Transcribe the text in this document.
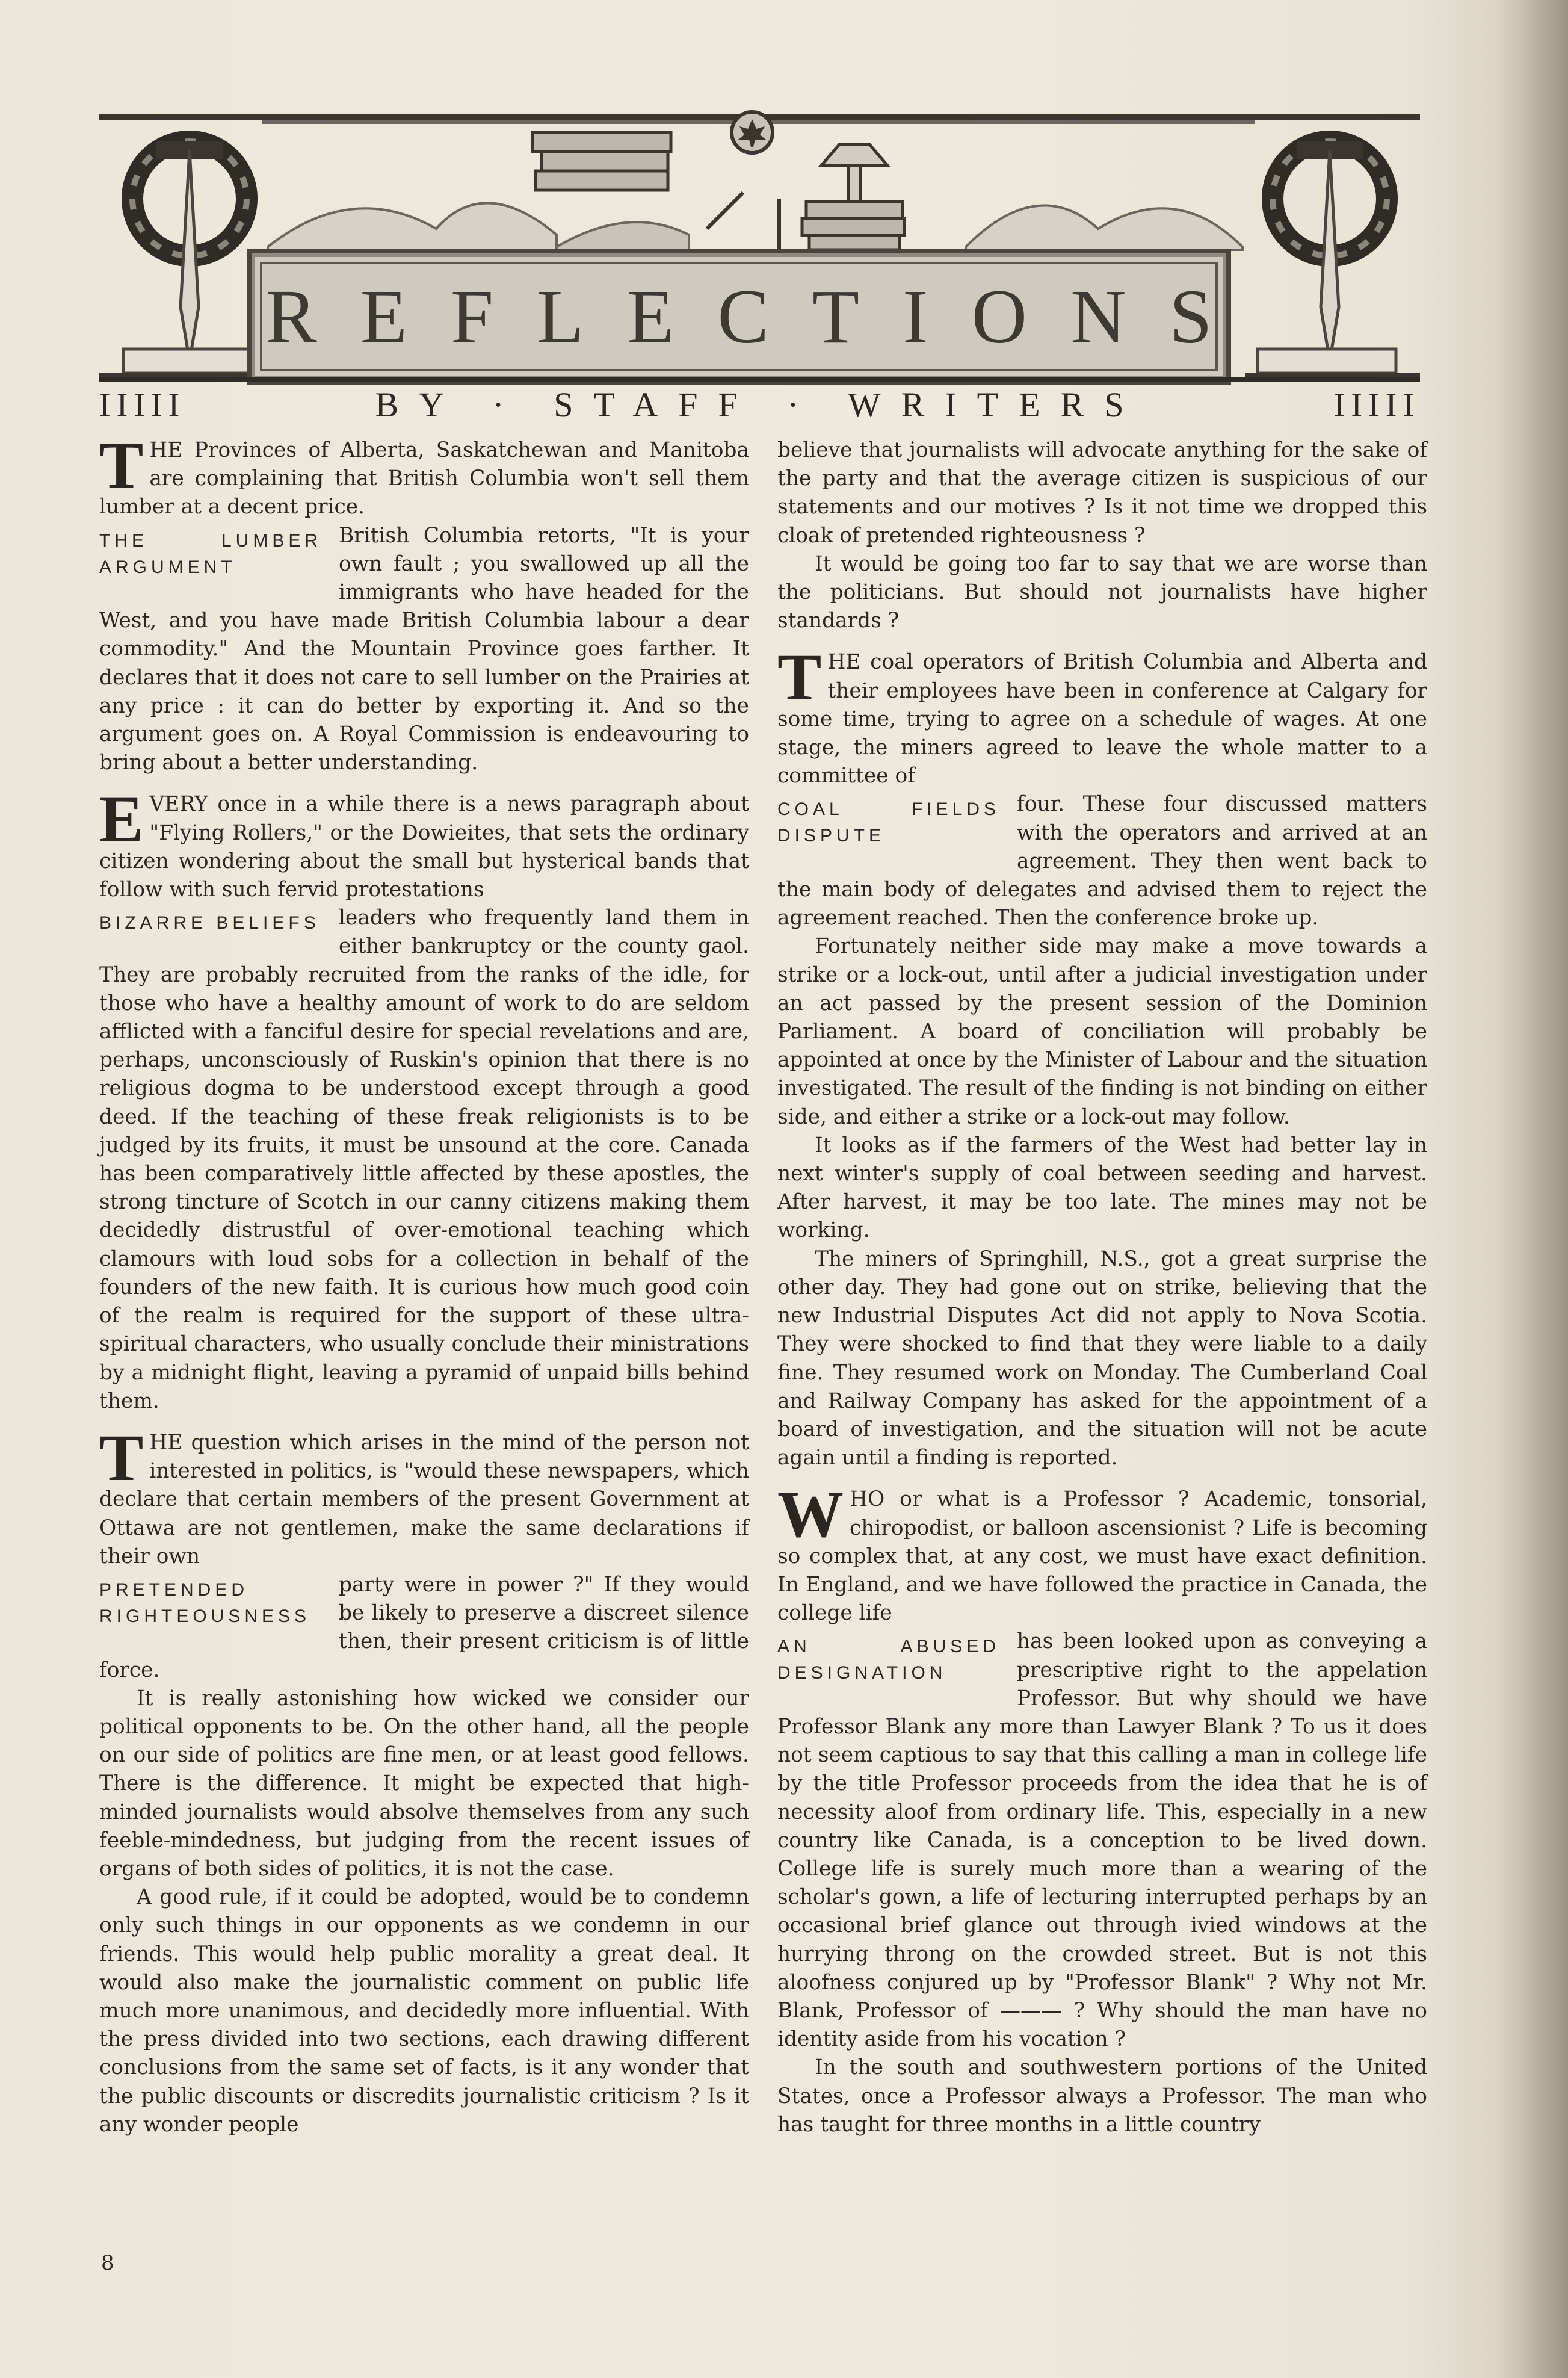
REFLECTIONS
IIIII	BY · STAFF · WRITERS	IIIII

T HE Provinces of Alberta, Saskatchewan and Manitoba are complaining that British Columbia won't sell them lumber at a decent price.

THE LUMBER ARGUMENT
British Columbia retorts, "It is your own fault ; you swallowed up all the immigrants who have headed for the West, and you have made British Columbia labour a dear commodity." And the Mountain Province goes farther. It declares that it does not care to sell lumber on the Prairies at any price : it can do better by exporting it. And so the argument goes on. A Royal Commission is endeavouring to bring about a better understanding.

E VERY once in a while there is a news paragraph about "Flying Rollers," or the Dowieites, that sets the ordinary citizen wondering about the small but hysterical bands that follow with such fervid protestations

BIZARRE BELIEFS leaders who frequently land them in either bankruptcy or the county gaol. They are probably recruited from the ranks of the idle, for those who have a healthy amount of work to do are seldom afflicted with a fanciful desire for special revelations and are, perhaps, unconsciously of Ruskin's opinion that there is no religious dogma to be understood except through a good deed. If the teaching of these freak religionists is to be judged by its fruits, it must be unsound at the core. Canada has been comparatively little affected by these apostles, the strong tincture of Scotch in our canny citizens making them decidedly distrustful of over-emotional teaching which clamours with loud sobs for a collection in behalf of the founders of the new faith. It is curious how much good coin of the realm is required for the support of these ultra-spiritual characters, who usually conclude their ministrations by a midnight flight, leaving a pyramid of unpaid bills behind them.

T HE question which arises in the mind of the person not interested in politics, is "would these newspapers, which declare that certain members of the present Government at Ottawa are not gentlemen, make the same declarations if their own

PRETENDED RIGHTEOUSNESS
party were in power ?" If they would be likely to preserve a discreet silence then, their present criticism is of little force.

It is really astonishing how wicked we consider our political opponents to be. On the other hand, all the people on our side of politics are fine men, or at least good fellows. There is the difference. It might be expected that high-minded journalists would absolve themselves from any such feeble-mindedness, but judging from the recent issues of organs of both sides of politics, it is not the case.

A good rule, if it could be adopted, would be to condemn only such things in our opponents as we condemn in our friends. This would help public morality a great deal. It would also make the journalistic comment on public life much more unanimous, and decidedly more influential. With the press divided into two sections, each drawing different conclusions from the same set of facts, is it any wonder that the public discounts or discredits journalistic criticism ? Is it any wonder people

believe that journalists will advocate anything for the sake of the party and that the average citizen is suspicious of our statements and our motives ? Is it not time we dropped this cloak of pretended righteousness ?

It would be going too far to say that we are worse than the politicians. But should not journalists have higher standards ?

T HE coal operators of British Columbia and Alberta and their employees have been in conference at Calgary for some time, trying to agree on a schedule of wages. At one stage, the miners agreed to leave the whole matter to a committee of

COAL FIELDS DISPUTE
four. These four discussed matters with the operators and arrived at an agreement. They then went back to the main body of delegates and advised them to reject the agreement reached. Then the conference broke up.

Fortunately neither side may make a move towards a strike or a lock-out, until after a judicial investigation under an act passed by the present session of the Dominion Parliament. A board of conciliation will probably be appointed at once by the Minister of Labour and the situation investigated. The result of the finding is not binding on either side, and either a strike or a lock-out may follow.

It looks as if the farmers of the West had better lay in next winter's supply of coal between seeding and harvest. After harvest, it may be too late. The mines may not be working.

The miners of Springhill, N.S., got a great surprise the other day. They had gone out on strike, believing that the new Industrial Disputes Act did not apply to Nova Scotia. They were shocked to find that they were liable to a daily fine. They resumed work on Monday. The Cumberland Coal and Railway Company has asked for the appointment of a board of investigation, and the situation will not be acute again until a finding is reported.

W HO or what is a Professor ? Academic, tonsorial, chiropodist, or balloon ascensionist ? Life is becoming so complex that, at any cost, we must have exact definition. In England, and we have followed the practice in Canada, the college life

AN ABUSED DESIGNATION
has been looked upon as conveying a prescriptive right to the appelation Professor. But why should we have Professor Blank any more than Lawyer Blank ? To us it does not seem captious to say that this calling a man in college life by the title Professor proceeds from the idea that he is of necessity aloof from ordinary life. This, especially in a new country like Canada, is a conception to be lived down. College life is surely much more than a wearing of the scholar's gown, a life of lecturing interrupted perhaps by an occasional brief glance out through ivied windows at the hurrying throng on the crowded street. But is not this aloofness conjured up by "Professor Blank" ? Why not Mr. Blank, Professor of ——— ? Why should the man have no identity aside from his vocation ?

In the south and southwestern portions of the United States, once a Professor always a Professor. The man who has taught for three months in a little country

8
